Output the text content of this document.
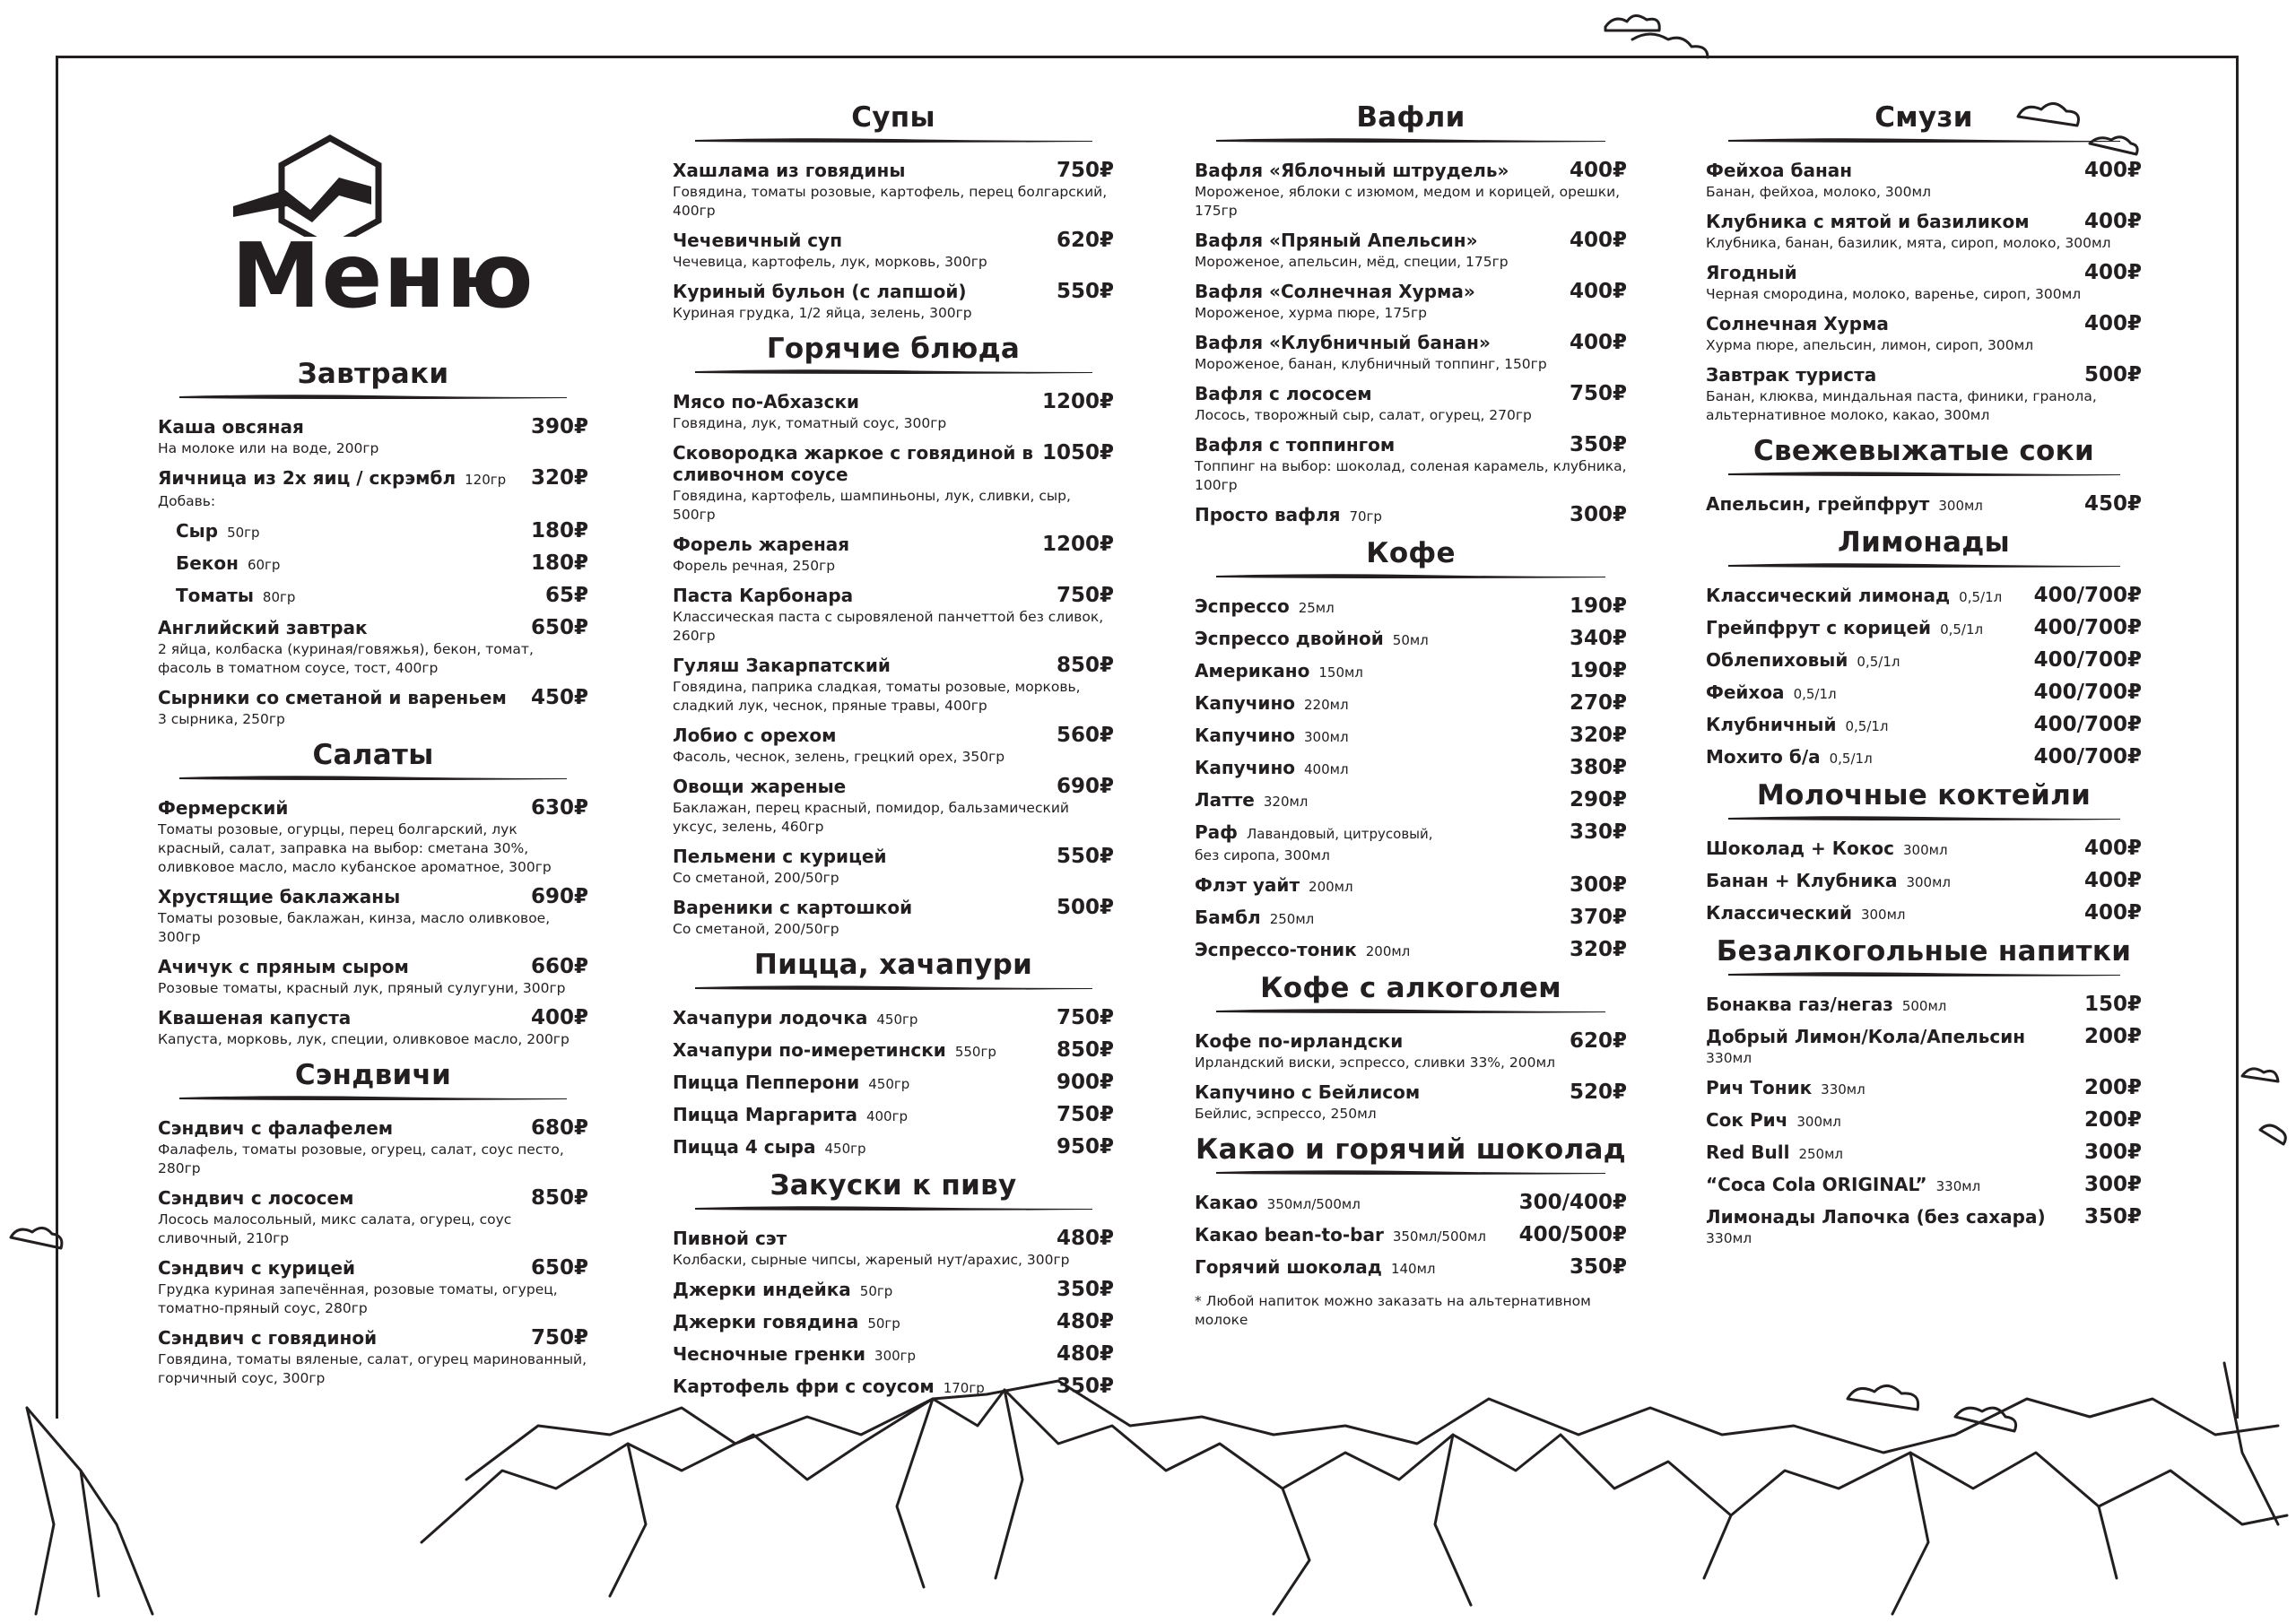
Меню
Завтраки
Каша овсяная	390₽
На молоке или на воде, 200гр
Яичница из 2х яиц / скрэмбл 120гр 320₽
Добавь:
Сыр 50гр	180₽
Бекон 60гр	180₽
Томаты 80гр	65₽
Английский завтрак	650₽
2 яйца, колбаска (куриная/говяжья), бекон, томат, фасоль в томатном соусе, тост, 400гр
Сырники со сметаной и вареньем 450₽
3 сырника, 250гр
Салаты
Фермерский	630₽
Томаты розовые, огурцы, перец болгарский, лук красный, салат, заправка на выбор: сметана 30%, оливковое масло, масло кубанское ароматное, 300гр
Хрустящие баклажаны	690₽
Томаты розовые, баклажан, кинза, масло оливковое, 300гр
Ачичук с пряным сыром	660₽
Розовые томаты, красный лук, пряный сулугуни, 300гр
Квашеная капуста	400₽
Капуста, морковь, лук, специи, оливковое масло, 200гр
Сэндвичи
Сэндвич с фалафелем	680₽
Фалафель, томаты розовые, огурец, салат, соус песто, 280гр
Сэндвич с лососем	850₽
Лосось малосольный, микс салата, огурец, соус сливочный, 210гр
Сэндвич с курицей	650₽
Грудка куриная запечённая, розовые томаты, огурец, томатно-пряный соус, 280гр
Сэндвич с говядиной	750₽
Говядина, томаты вяленые, салат, огурец маринованный, горчичный соус, 300гр
Супы
Хашлама из говядины	750₽
Говядина, томаты розовые, картофель, перец болгарский, 400гр
Чечевичный суп	620₽
Чечевица, картофель, лук, морковь, 300гр
Куриный бульон (с лапшой)	550₽
Куриная грудка, 1/2 яйца, зелень, 300гр
Горячие блюда
Мясо по-Абхазски	1200₽
Говядина, лук, томатный соус, 300гр
Сковородка жаркое с говядиной в сливочном соусе
1050₽
Говядина, картофель, шампиньоны, лук, сливки, сыр, 500гр
Форель жареная	1200₽
Форель речная, 250гр
Паста Карбонара	750₽
Классическая паста с сыровяленой панчеттой без сливок, 260гр
Гуляш Закарпатский	850₽
Говядина, паприка сладкая, томаты розовые, морковь, сладкий лук, чеснок, пряные травы, 400гр
Лобио с орехом	560₽
Фасоль, чеснок, зелень, грецкий орех, 350гр
Овощи жареные	690₽
Баклажан, перец красный, помидор, бальзамический уксус, зелень, 460гр
Пельмени с курицей	550₽
Со сметаной, 200/50гр
Вареники с картошкой	500₽
Со сметаной, 200/50гр
Пицца, хачапури
Хачапури лодочка 450гр	750₽
Хачапури по-имеретински 550гр	850₽
Пицца Пепперони 450гр	900₽
Пицца Маргарита 400гр	750₽
Пицца 4 сыра 450гр	950₽
Закуски к пиву
Пивной сэт	480₽
Колбаски, сырные чипсы, жареный нут/арахис, 300гр
Джерки индейка 50гр	350₽
Джерки говядина 50гр	480₽
Чесночные гренки 300гр	480₽
Картофель фри с соусом 170гр	350₽
Вафли
Вафля «Яблочный штрудель»	400₽
Мороженое, яблоки с изюмом, медом и корицей, орешки, 175гр
Вафля «Пряный Апельсин»	400₽
Мороженое, апельсин, мёд, специи, 175гр
Вафля «Солнечная Хурма»	400₽
Мороженое, хурма пюре, 175гр
Вафля «Клубничный банан»	400₽
Мороженое, банан, клубничный топпинг, 150гр
Вафля с лососем	750₽
Лосось, творожный сыр, салат, огурец, 270гр
Вафля с топпингом	350₽
Топпинг на выбор: шоколад, соленая карамель, клубника, 100гр
Просто вафля 70гр	300₽
Кофе
Эспрессо 25мл	190₽
Эспрессо двойной 50мл	340₽
Американо 150мл	190₽
Капучино 220мл	270₽
Капучино 300мл	320₽
Капучино 400мл	380₽
Латте 320мл	290₽
Раф Лавандовый, цитрусовый,	330₽
без сиропа, 300мл
Флэт уайт 200мл	300₽
Бамбл 250мл	370₽
Эспрессо-тоник 200мл	320₽
Кофе с алкоголем
Кофе по-ирландски	620₽
Ирландский виски, эспрессо, сливки 33%, 200мл
Капучино с Бейлисом	520₽
Бейлис, эспрессо, 250мл
Какао и горячий шоколад
Какао 350мл/500мл	300/400₽
Какао bean-to-bar 350мл/500мл 400/500₽
Горячий шоколад 140мл	350₽
* Любой напиток можно заказать на альтернативном молоке
Смузи
Фейхоа банан	400₽
Банан, фейхоа, молоко, 300мл
Клубника с мятой и базиликом	400₽
Клубника, банан, базилик, мята, сироп, молоко, 300мл
Ягодный	400₽
Черная смородина, молоко, варенье, сироп, 300мл
Солнечная Хурма	400₽
Хурма пюре, апельсин, лимон, сироп, 300мл
Завтрак туриста	500₽
Банан, клюква, миндальная паста, финики, гранола, альтернативное молоко, какао, 300мл
Свежевыжатые соки
Апельсин, грейпфрут 300мл	450₽
Лимонады
Классический лимонад 0,5/1л 400/700₽
Грейпфрут с корицей 0,5/1л 400/700₽
Облепиховый 0,5/1л	400/700₽
Фейхоа 0,5/1л	400/700₽
Клубничный 0,5/1л	400/700₽
Мохито б/а 0,5/1л	400/700₽
Молочные коктейли
Шоколад + Кокос 300мл	400₽
Банан + Клубника 300мл	400₽
Классический 300мл	400₽
Безалкогольные напитки
Бонаква газ/негаз 500мл	150₽
Добрый Лимон/Кола/Апельсин	200₽
330мл
Рич Тоник 330мл	200₽
Сок Рич 300мл	200₽
Red Bull 250мл	300₽
“Coca Cola ORIGINAL” 330мл	300₽
Лимонады Лапочка (без сахара) 350₽
330мл
